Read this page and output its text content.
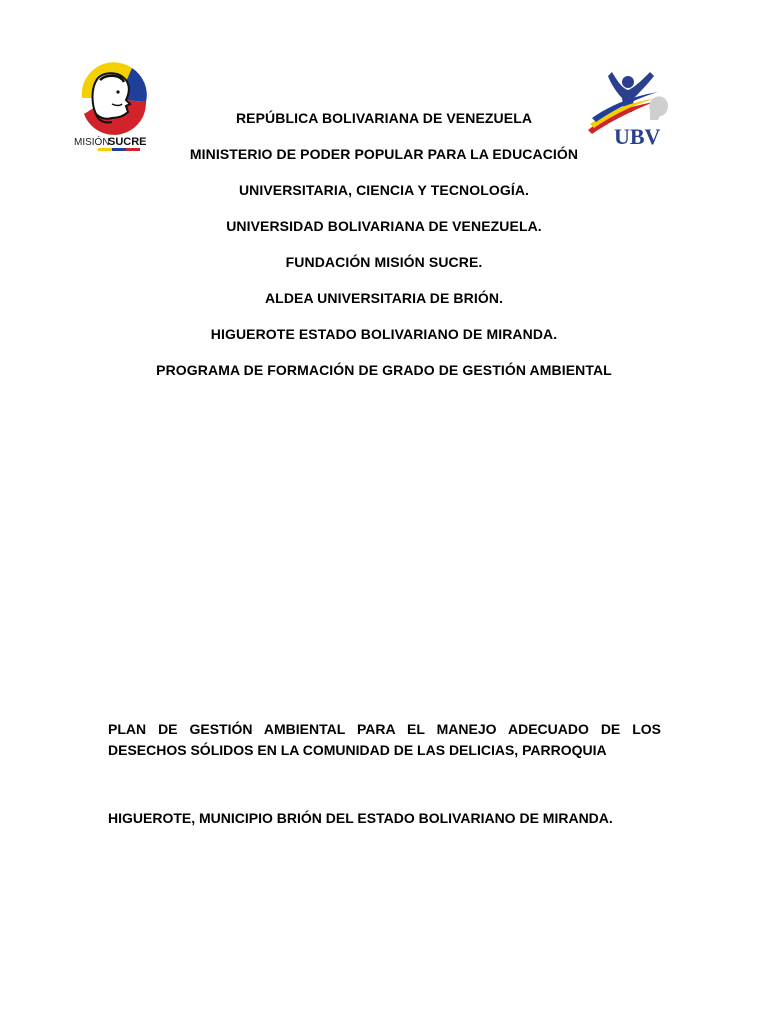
MISIÓN
SUCRE	UBV
REPÚBLICA BOLIVARIANA DE VENEZUELA
MINISTERIO DE PODER POPULAR PARA LA EDUCACIÓN
UNIVERSITARIA, CIENCIA Y TECNOLOGÍA.
UNIVERSIDAD BOLIVARIANA DE VENEZUELA.
FUNDACIÓN MISIÓN SUCRE.
ALDEA UNIVERSITARIA DE BRIÓN.
HIGUEROTE ESTADO BOLIVARIANO DE MIRANDA.
PROGRAMA DE FORMACIÓN DE GRADO DE GESTIÓN AMBIENTAL
PLAN DE GESTIÓN AMBIENTAL PARA EL MANEJO ADECUADO DE LOS
DESECHOS SÓLIDOS EN LA COMUNIDAD DE LAS DELICIAS, PARROQUIA
HIGUEROTE, MUNICIPIO BRIÓN DEL ESTADO BOLIVARIANO DE MIRANDA.
